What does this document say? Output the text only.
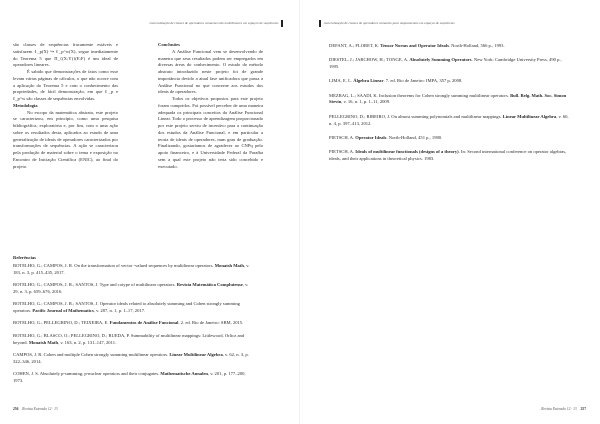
Generalização de classes de operadores somantes não multilineares em espaços de sequências

são classes de sequências fracamente estáveis e satisfazem ℓ_p(X) ↪ ℓ_p^w(X), segue imediatamente do Teorema 5 que Π_{(X;Y)}(E;F) é um ideal de operadores lineares.

É sabido que demonstrações de fatos como esse levam várias páginas de cálculos, o que não ocorre com a aplicação do Teorema 5 e com o conhecimento das propriedades, de fácil demonstração, em que ℓ_p e ℓ_p^w são classes de sequências envolvidas.

Metodologia

No escopo da matemática abstrata, este projeto se caracterizou, em princípio, como uma pesquisa bibliográfica, exploratória e, por fim, com o uma ação sobre os resultados desta, aplicados ao estudo de uma generalização de ideais de operadores caracterizados por transformações de sequências. A ação se caracterizou pela produção de material sobre o tema e exposição no Encontro de Iniciação Científica (ENIC), ao final do projeto.

Conclusões

A Análise Funcional vem se desenvolvendo de maneira que seus resultados podem ser empregados em diversas áreas do conhecimento. O estudo do método abstrato introduzido neste projeto foi de grande importância devido a atual fase unificadora que passa a Análise Funcional no que concerne aos estudos dos ideais de operadores.

Todos os objetivos propostos para este projeto foram cumpridos. Foi possível perceber de uma maneira adequada os principais conceitos da Análise Funcional Linear. Todo o processo de aprendizagem proporcionado por este projeto serviu de incentivo para a continuação dos estudos da Análise Funcional, e em particular a teoria de ideais de operadores, num grau de graduação. Finalizando, gostaríamos de agradecer ao CNPq pelo apoio financeiro, e à Universidade Federal da Paraíba sem a qual este projeto não teria sido concebido e executado.

Referências

BOTELHO, G.; CAMPOS, J. R. On the transformation of vector -valued sequences by multilinear operators. Monatsh Math, v. 183, n. 3, p. 415–435, 2017.

BOTELHO, G.; CAMPOS, J. R.; SANTOS, J. Type and cotype of multilinear operators. Revista Matemática Complutense, v. 29, n. 3, p. 659–676, 2016.

BOTELHO, G.; CAMPOS, J. R.; SANTOS, J. Operator ideals related to absolutely summing and Cohen strongly summing operators. Pacific Journal of Mathematics, v. 287, n. 1, p. 1–17, 2017.

BOTELHO, G.; PELLEGRINO, D.; TEIXEIRA, E. Fundamentos de Análise Funcional. 2. ed. Rio de Janeiro: SBM, 2015.

BOTELHO, G.; BLASCO, O.; PELLEGRINO, D.; RUEDA, P. Summability of multilinear mappings: Littlewood, Orlicz and beyond. Monatsh Math, v. 163, n. 2, p. 131–147, 2011.

CAMPOS, J. R. Cohen and multiple Cohen strongly summing multilinear operators. Linear Multilinear Algebra, v. 62, n. 3, p. 322–346, 2014.

COHEN, J. S. Absolutely p-summing, p-nuclear operators and their conjugates. Mathematische Annalen, v. 201, p. 177–200, 1973.

256 Revista Extensão 12 · 13
Generalização de classes de operadores somantes para mapeamentos em espaços de sequências

DEFANT, A.; FLORET, K. Tensor Norms and Operator Ideals. North-Holland, 566 p., 1993.

DIESTEL, J.; JARCHOW, H.; TONGE, A. Absolutely Summing Operators. New York: Cambridge University Press, 490 p., 1995.

LIMA, E. L. Álgebra Linear. 7. ed. Rio de Janeiro: IMPA, 357 p, 2008.

MEZRAG, L.; SAADI, K. Inclusion theorems for Cohen strongly summing multilinear operators. Bull. Belg. Math. Soc. Simon Stevin, v. 16, n. 1, p. 1–11, 2009.

PELLEGRINO, D.; RIBEIRO, J. On almost summing polynomials and multilinear mappings. Linear Multilinear Algebra, v. 60, n. 4, p. 397–413, 2012.

PIETSCH, A. Operator Ideals. North-Holland, 451 p., 1980.

PIETSCH, A. Ideals of multilinear functionals (designs of a theory). In: Second international conference on operator algebras, ideals, and their applications in theoretical physics. 1983.

Revista Extensão 12 · 13 257
